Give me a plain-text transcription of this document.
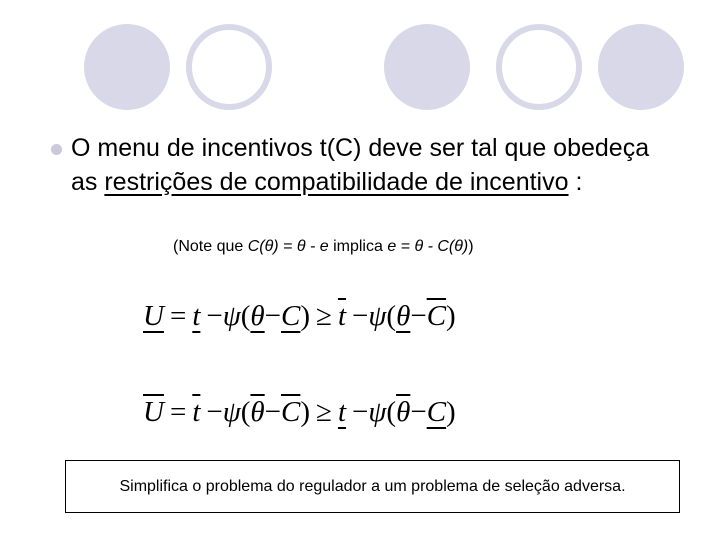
O menu de incentivos t(C) deve ser tal que obedeça as restrições de compatibilidade de incentivo :
(Note que C(θ) = θ - e implica e = θ - C(θ))
$U = t -\psi(\theta-C) \ge \overline{t} -\psi(\theta-\overline{C})$
$\overline{U} = \overline{t} -\psi(\overline{\theta}-\overline{C}) \ge t -\psi(\overline{\theta}-C)$
Simplifica o problema do regulador a um problema de seleção adversa.
